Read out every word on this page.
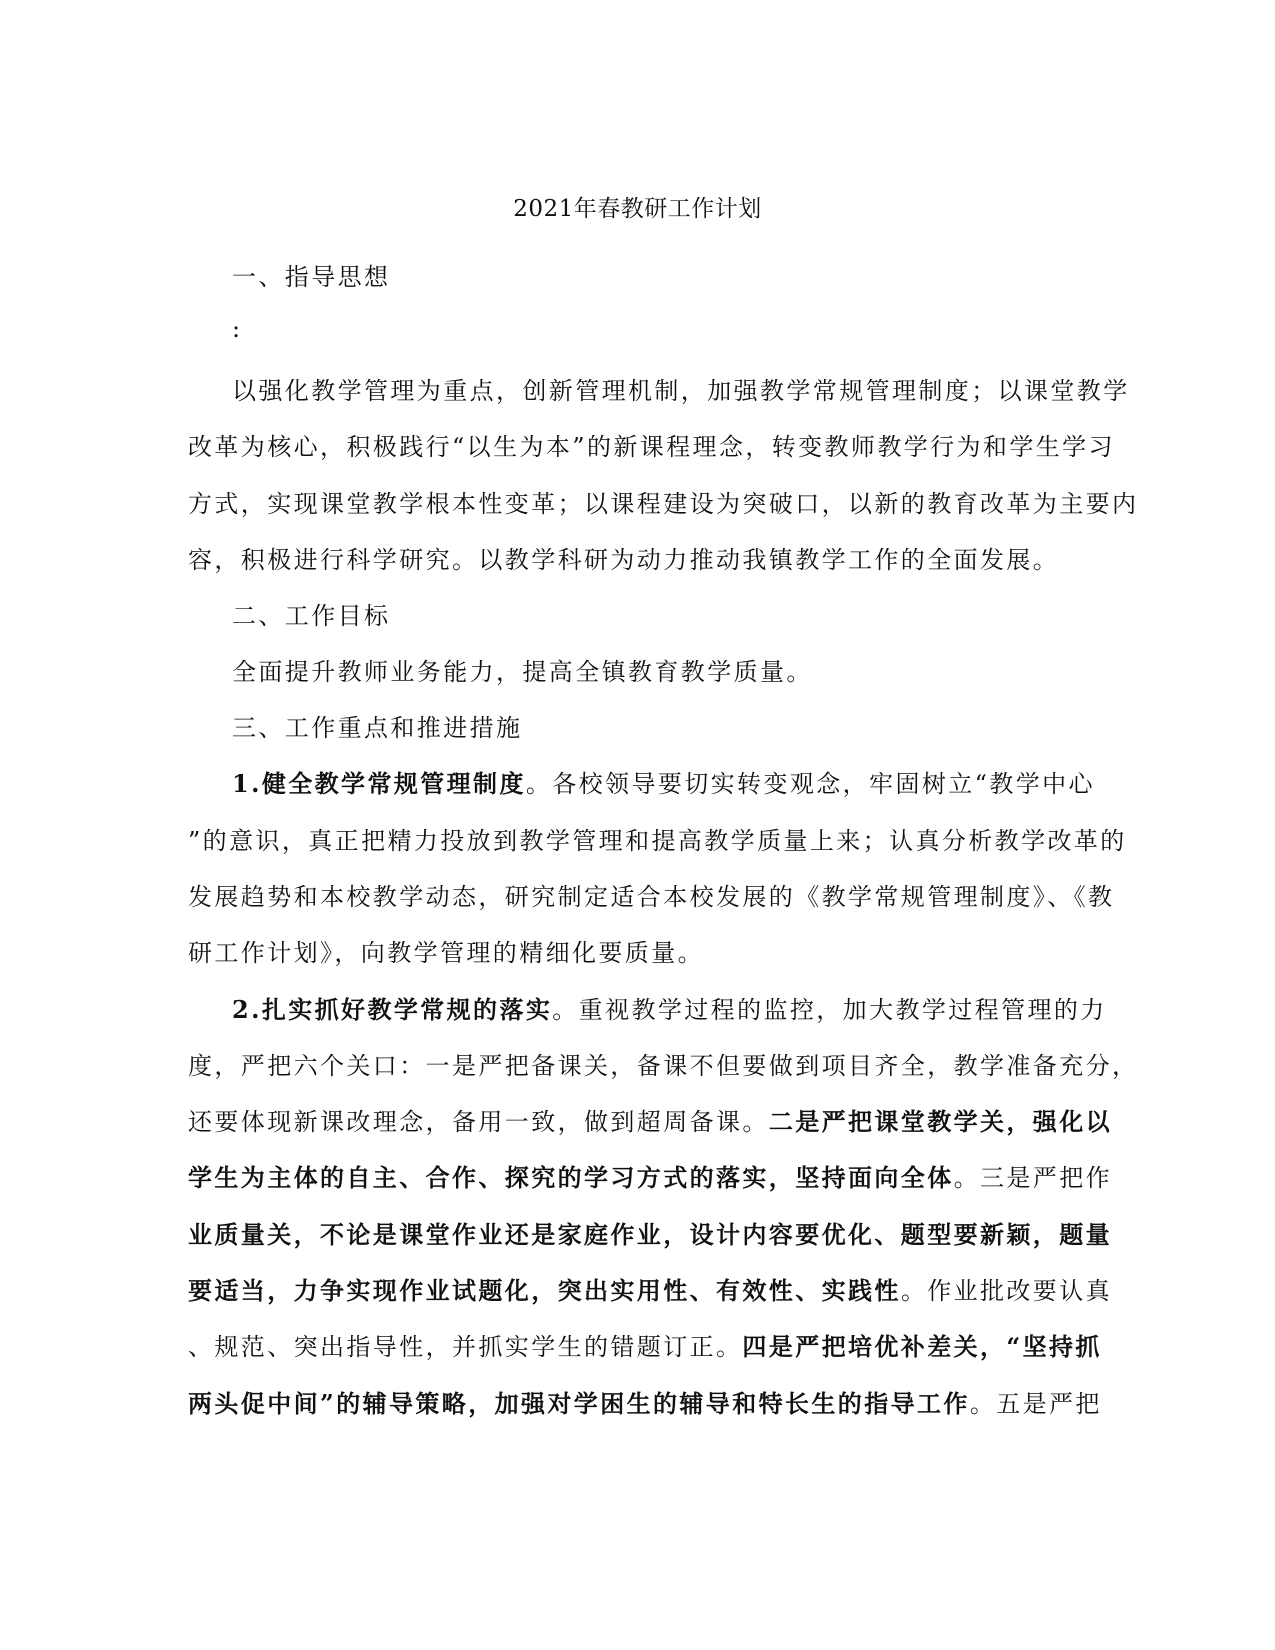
2021年春教研工作计划
一、指导思想
:
以强化教学管理为重点，创新管理机制，加强教学常规管理制度；以课堂教学
改革为核心，积极践行“以生为本”的新课程理念，转变教师教学行为和学生学习
方式，实现课堂教学根本性变革；以课程建设为突破口，以新的教育改革为主要内
容，积极进行科学研究。以教学科研为动力推动我镇教学工作的全面发展。
二、工作目标
全面提升教师业务能力，提高全镇教育教学质量。
三、工作重点和推进措施
1.健全教学常规管理制度。各校领导要切实转变观念，牢固树立“教学中心
”的意识，真正把精力投放到教学管理和提高教学质量上来；认真分析教学改革的
发展趋势和本校教学动态，研究制定适合本校发展的《教学常规管理制度》、《教
研工作计划》，向教学管理的精细化要质量。
2.扎实抓好教学常规的落实。重视教学过程的监控，加大教学过程管理的力
度，严把六个关口：一是严把备课关，备课不但要做到项目齐全，教学准备充分，
还要体现新课改理念，备用一致，做到超周备课。二是严把课堂教学关，强化以
学生为主体的自主、合作、探究的学习方式的落实，坚持面向全体。三是严把作
业质量关，不论是课堂作业还是家庭作业，设计内容要优化、题型要新颖，题量
要适当，力争实现作业试题化，突出实用性、有效性、实践性。作业批改要认真
、规范、突出指导性，并抓实学生的错题订正。四是严把培优补差关，“坚持抓
两头促中间”的辅导策略，加强对学困生的辅导和特长生的指导工作。五是严把
